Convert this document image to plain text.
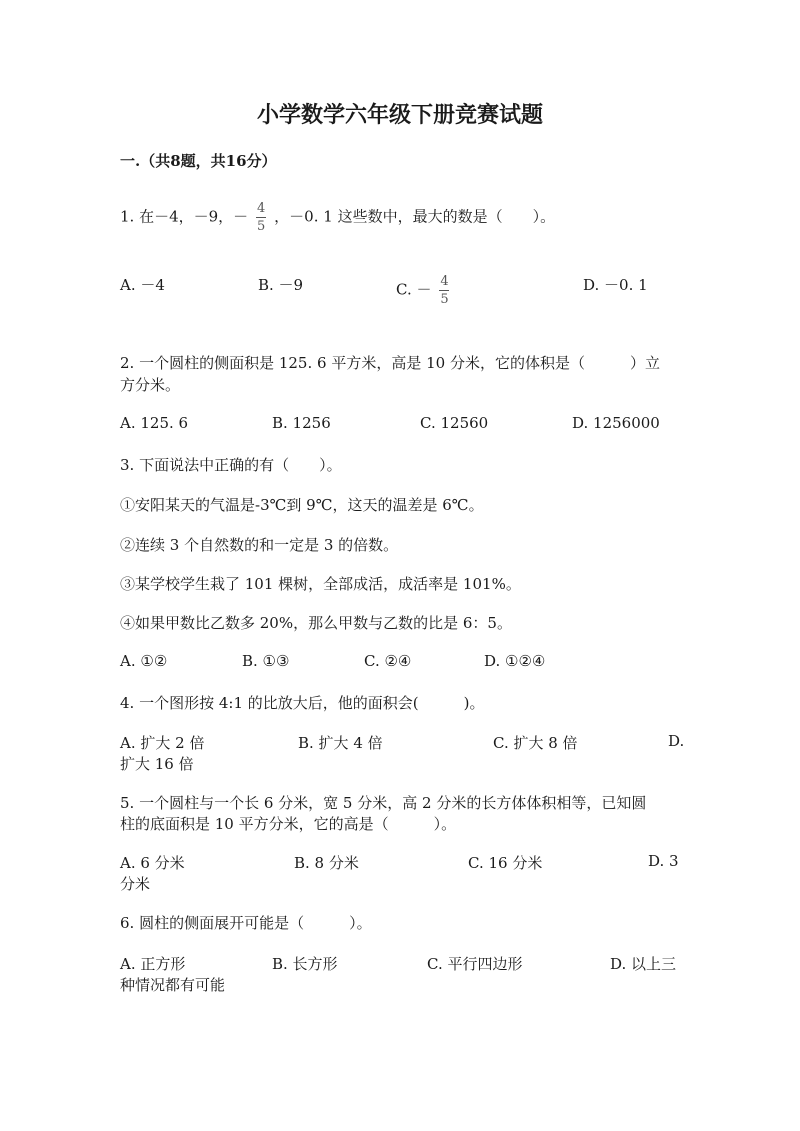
小学数学六年级下册竞赛试题
一.（共8题，共16分）
1. 在－4，－9，－ $\frac{4}{5}$ ，－0. 1 这些数中，最大的数是（　　）。
A. －4	B. －9	C. － $\frac{4}{5}$	D. －0. 1
2. 一个圆柱的侧面积是 125. 6 平方米，高是 10 分米，它的体积是（　　　）立
方分米。
A. 125. 6	B. 1256	C. 12560	D. 1256000
3. 下面说法中正确的有（　　）。
①安阳某天的气温是-3℃到 9℃，这天的温差是 6℃。
②连续 3 个自然数的和一定是 3 的倍数。
③某学校学生栽了 101 棵树，全部成活，成活率是 101%。
④如果甲数比乙数多 20%，那么甲数与乙数的比是 6：5。
A. ①②	B. ①③	C. ②④	D. ①②④
4. 一个图形按 4:1 的比放大后，他的面积会(　　　)。
A. 扩大 2 倍	B. 扩大 4 倍	C. 扩大 8 倍	D.
扩大 16 倍
5. 一个圆柱与一个长 6 分米，宽 5 分米，高 2 分米的长方体体积相等，已知圆
柱的底面积是 10 平方分米，它的高是（　　　）。
A. 6 分米	B. 8 分米	C. 16 分米	D. 3
分米
6. 圆柱的侧面展开可能是（　　　）。
A. 正方形	B. 长方形	C. 平行四边形	D. 以上三
种情况都有可能
